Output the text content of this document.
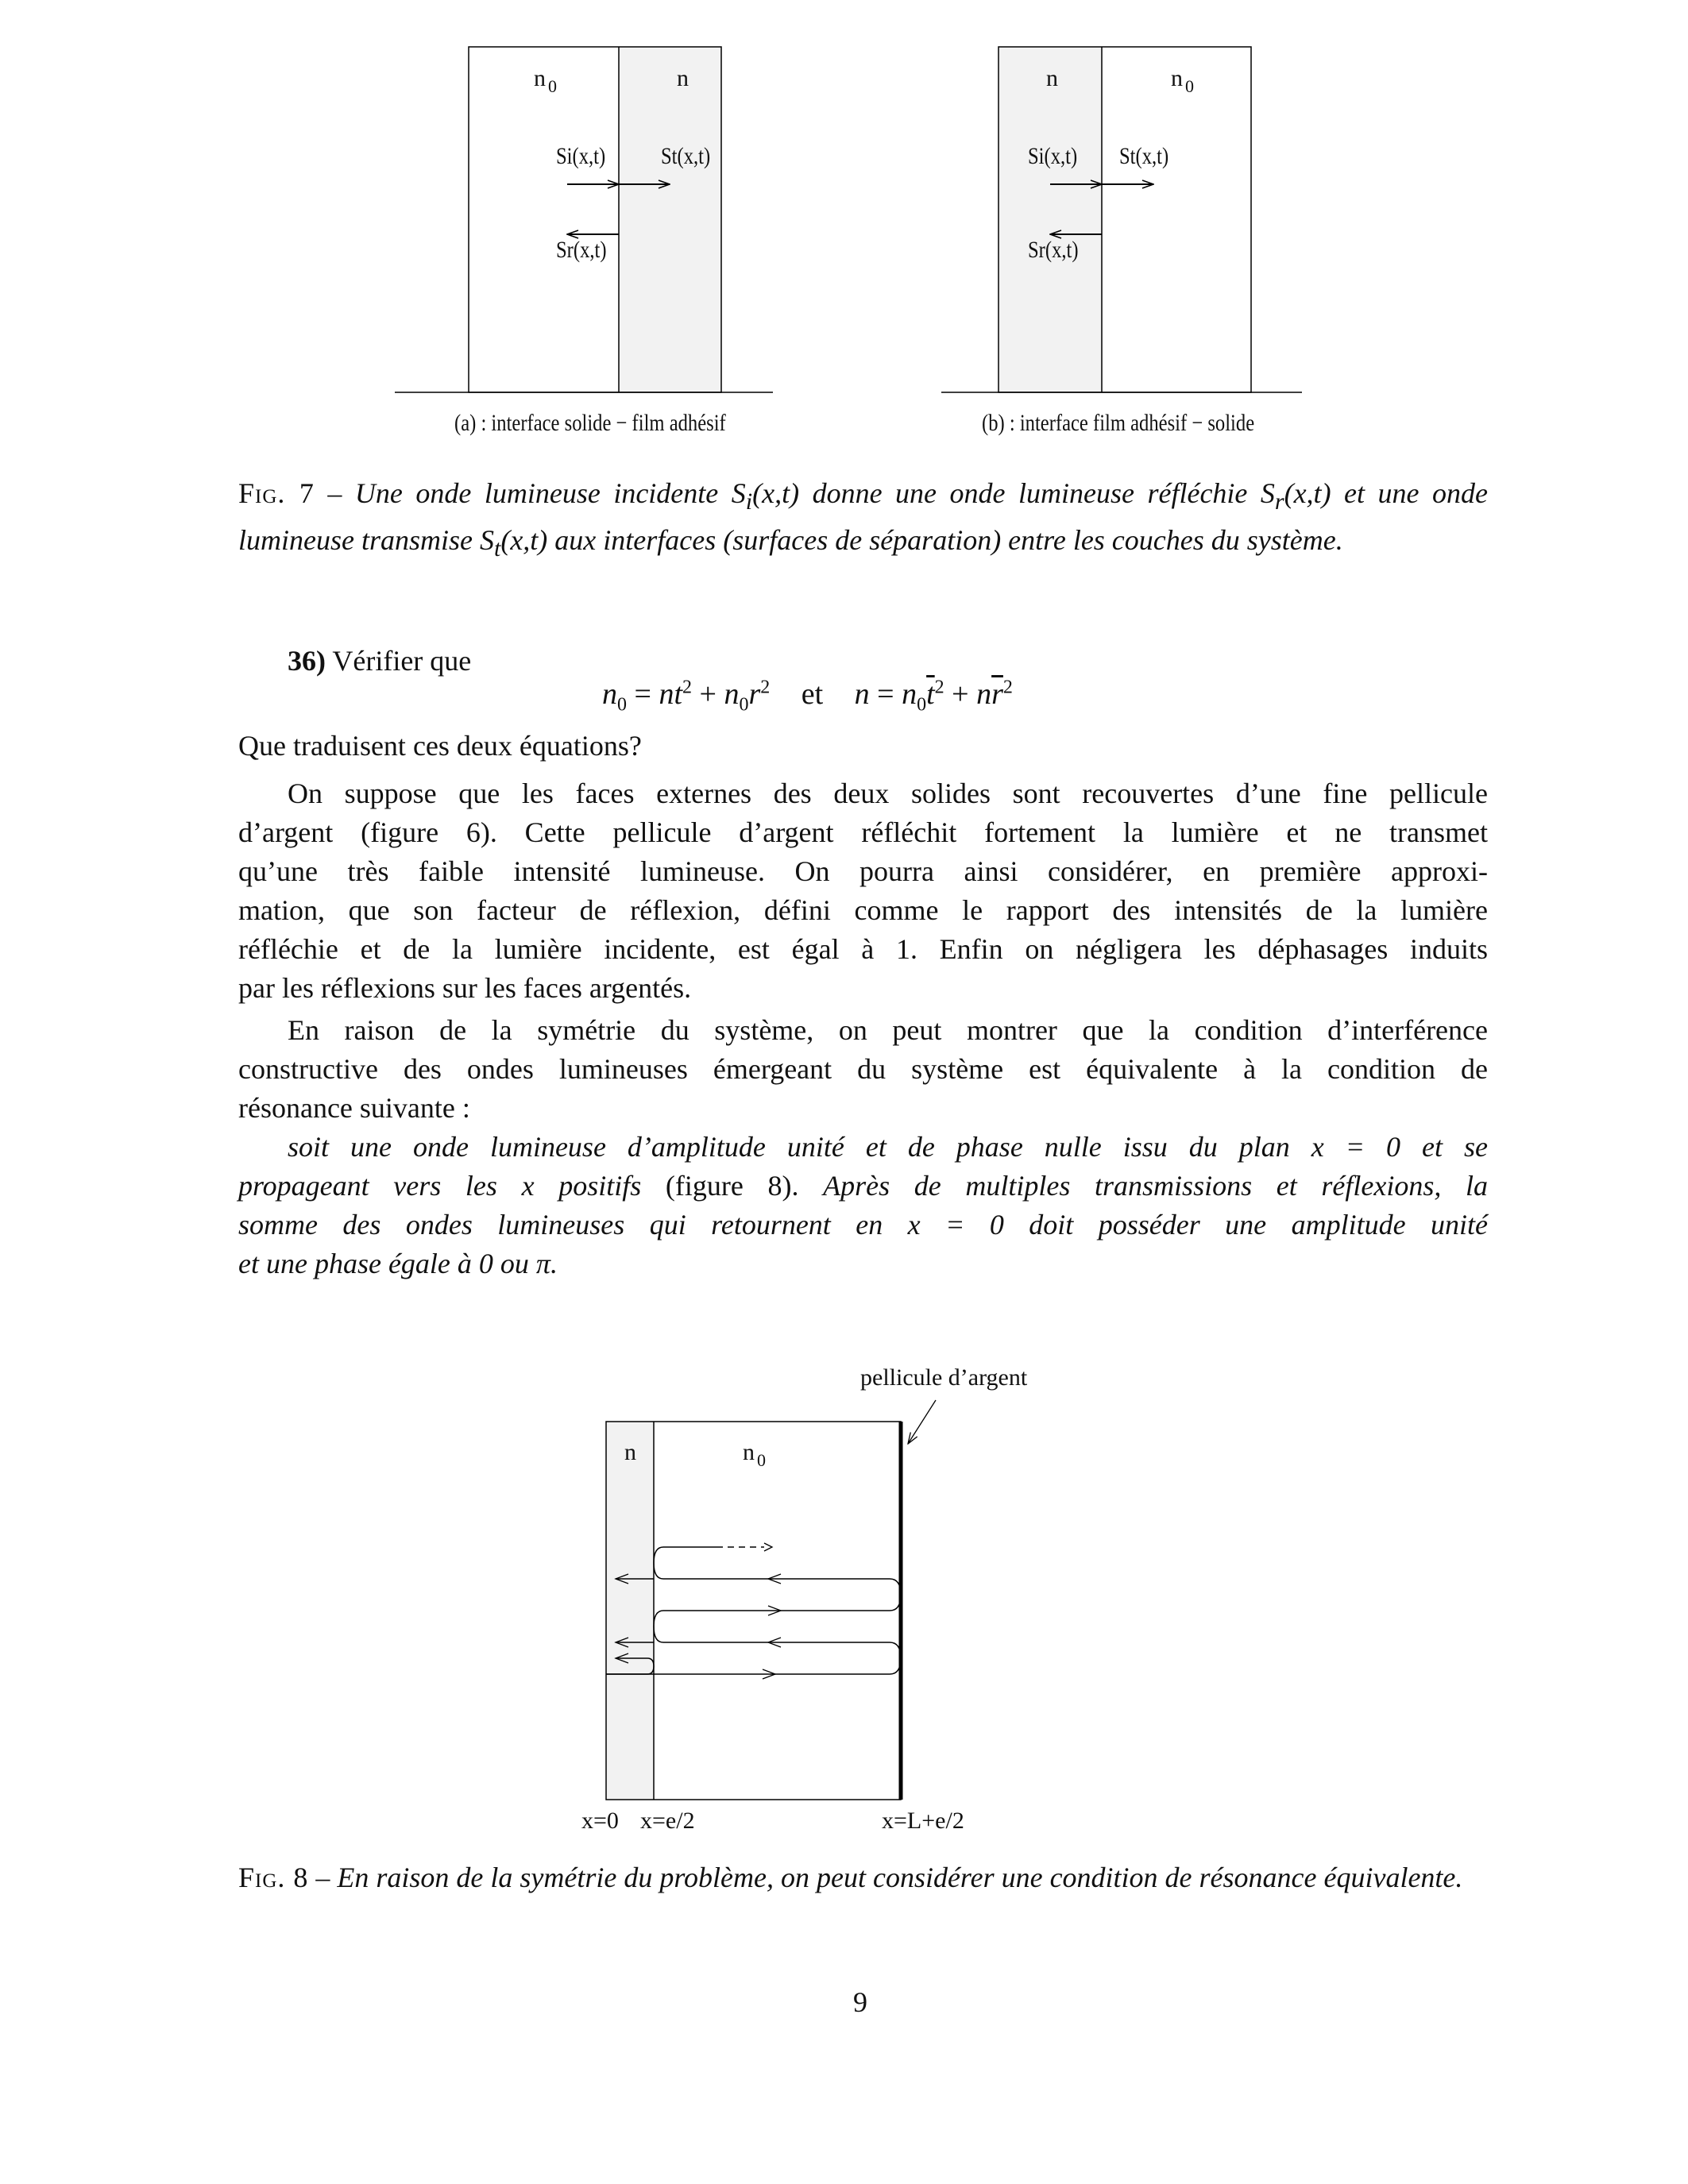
n $_0$	n
Si(x,t) St(x,t)
Sr(x,t)
(a) : interface solide − film adhésif
n	n $_0$
Si(x,t) St(x,t)
Sr(x,t)
(b) : interface film adhésif − solide
Fig. 7 – Une onde lumineuse incidente $S_i(x,t)$ donne une onde lumineuse réfléchie $S_r(x,t)$ et une onde lumineuse transmise $S_t(x,t)$ aux interfaces (surfaces de séparation) entre les couches du système.
36) Vérifier que
$n_0 = nt^2 + n_0r^2$ et $n = n_0\overline{t}^2 + n\overline{r}^2$
Que traduisent ces deux équations?
On suppose que les faces externes des deux solides sont recouvertes d’une fine pellicule
d’argent (figure 6). Cette pellicule d’argent réfléchit fortement la lumière et ne transmet
qu’une très faible intensité lumineuse. On pourra ainsi considérer, en première approxi-
mation, que son facteur de réflexion, défini comme le rapport des intensités de la lumière
réfléchie et de la lumière incidente, est égal à 1. Enfin on négligera les déphasages induits
par les réflexions sur les faces argentés.
En raison de la symétrie du système, on peut montrer que la condition d’interférence
constructive des ondes lumineuses émergeant du système est équivalente à la condition de
résonance suivante :
soit une onde lumineuse d’amplitude unité et de phase nulle issu du plan x = 0 et se
propageant vers les x positifs (figure 8). Après de multiples transmissions et réflexions, la
somme des ondes lumineuses qui retournent en x = 0 doit posséder une amplitude unité
et une phase égale à 0 ou π.
pellicule d’argent
n	n $_0$
x=0 x=e/2	x=L+e/2
Fig. 8 – En raison de la symétrie du problème, on peut considérer une condition de résonance équivalente.
9
